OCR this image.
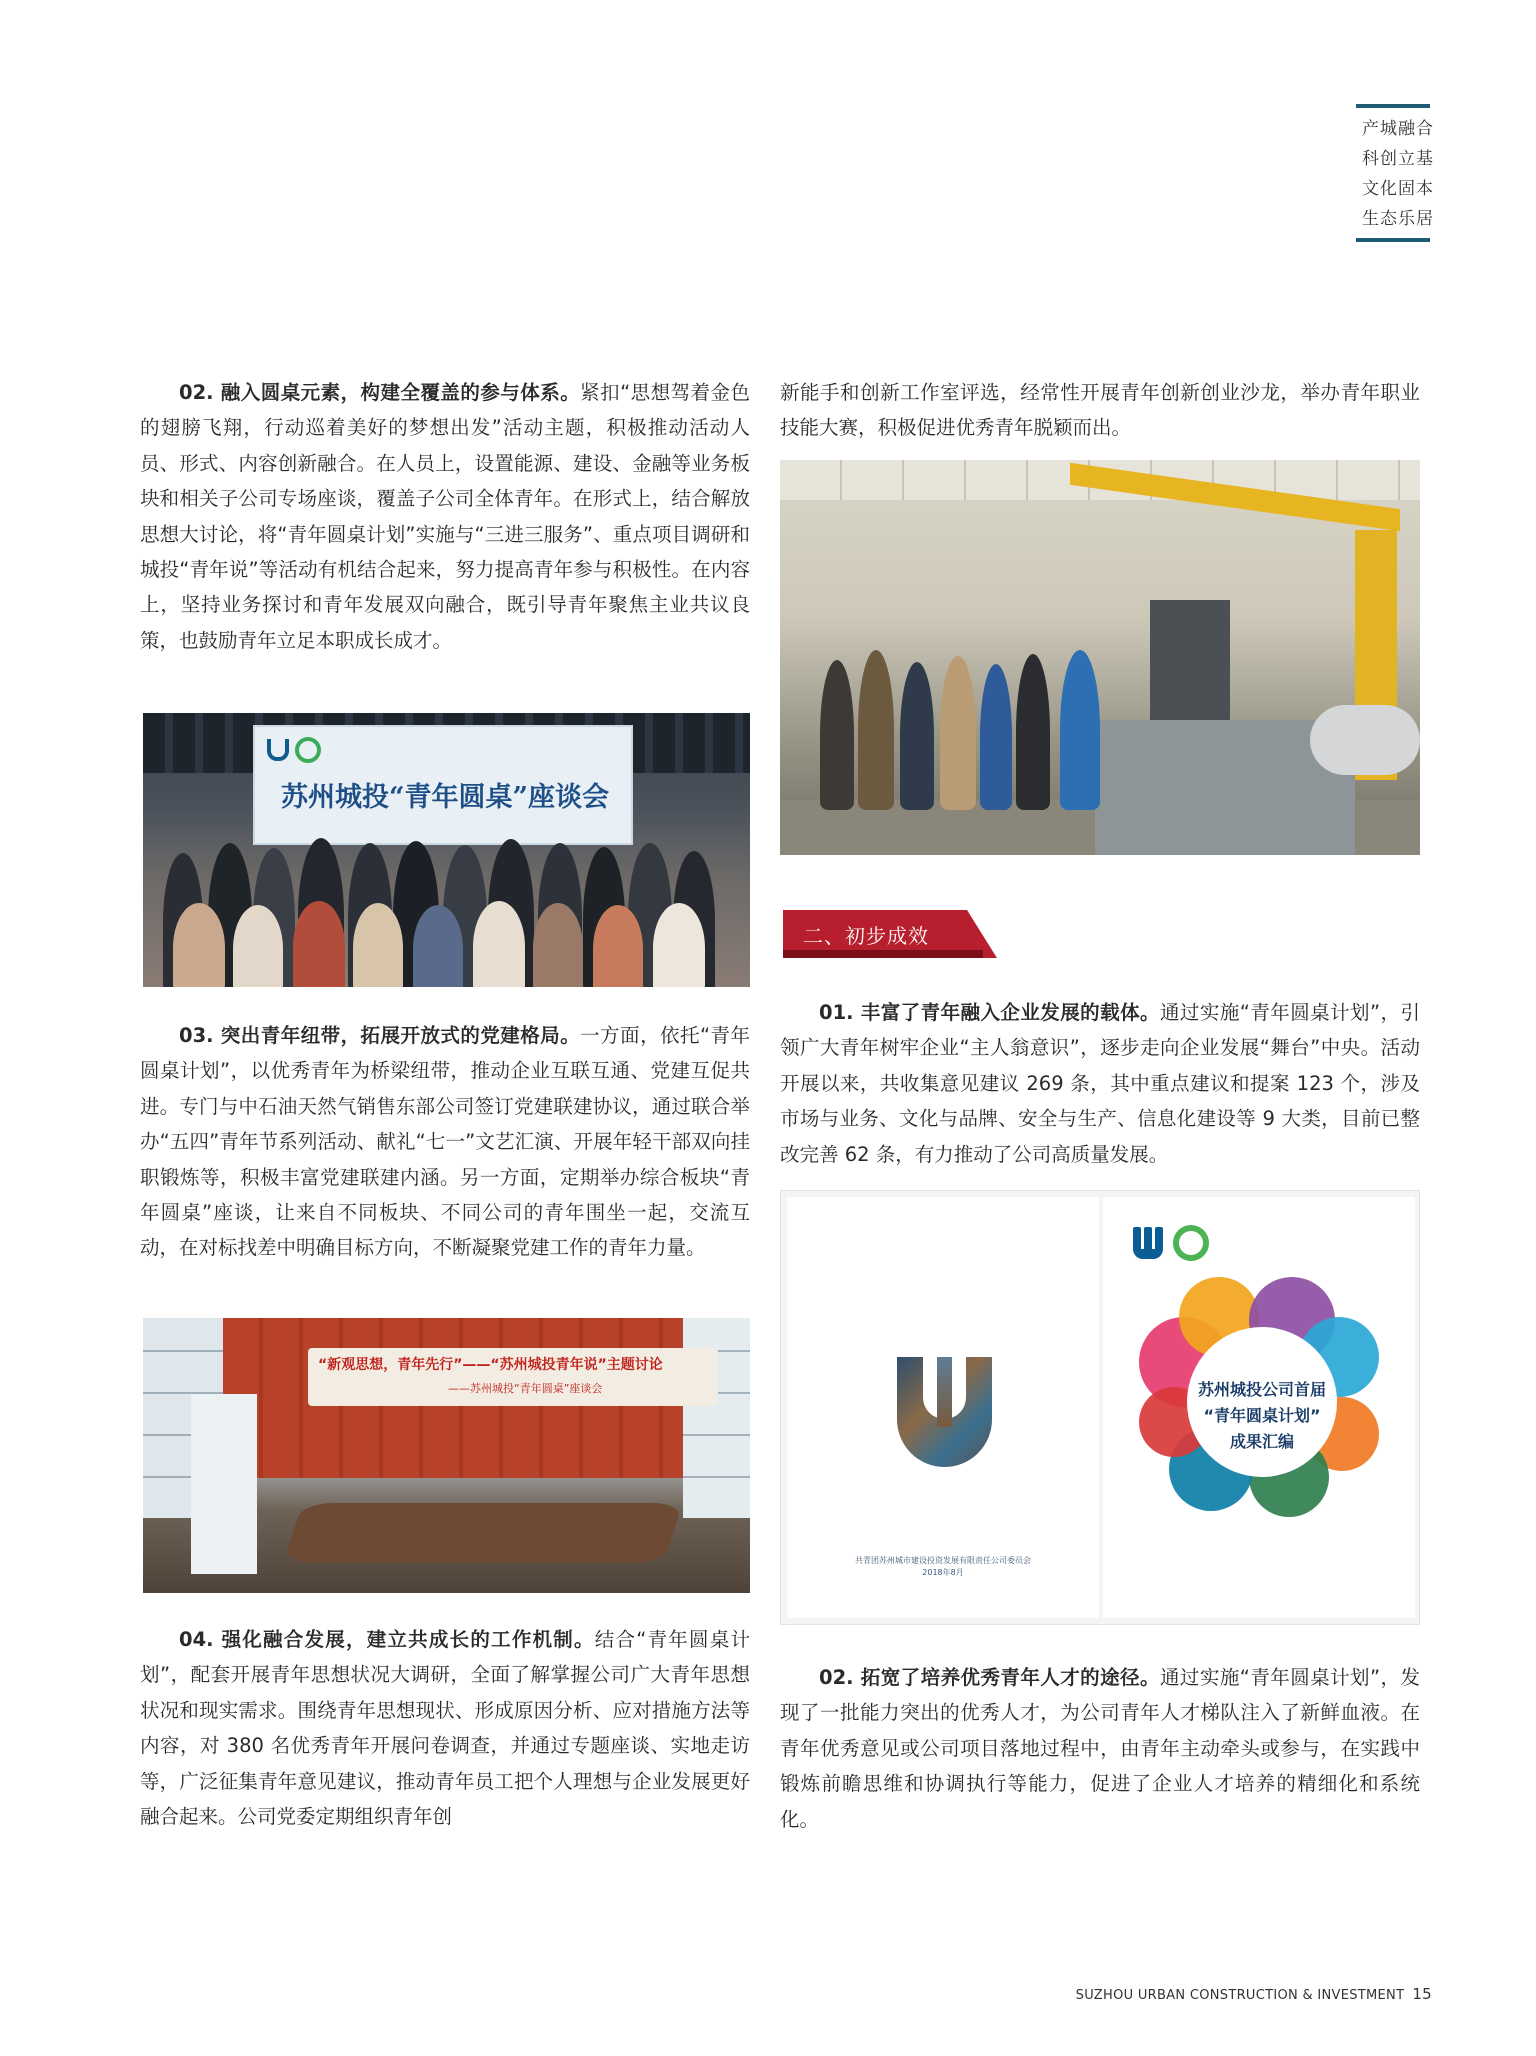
产城融合
科创立基
文化固本
生态乐居

02. 融入圆桌元素，构建全覆盖的参与体系。紧扣“思想驾着金色的翅膀飞翔，行动巡着美好的梦想出发”活动主题，积极推动活动人员、形式、内容创新融合。在人员上，设置能源、建设、金融等业务板块和相关子公司专场座谈，覆盖子公司全体青年。在形式上，结合解放思想大讨论，将“青年圆桌计划”实施与“三进三服务”、重点项目调研和城投“青年说”等活动有机结合起来，努力提高青年参与积极性。在内容上，坚持业务探讨和青年发展双向融合，既引导青年聚焦主业共议良策，也鼓励青年立足本职成长成才。

苏州城投“青年圆桌”座谈会

03. 突出青年纽带，拓展开放式的党建格局。一方面，依托“青年圆桌计划”，以优秀青年为桥梁纽带，推动企业互联互通、党建互促共进。专门与中石油天然气销售东部公司签订党建联建协议，通过联合举办“五四”青年节系列活动、献礼“七一”文艺汇演、开展年轻干部双向挂职锻炼等，积极丰富党建联建内涵。另一方面，定期举办综合板块“青年圆桌”座谈，让来自不同板块、不同公司的青年围坐一起，交流互动，在对标找差中明确目标方向，不断凝聚党建工作的青年力量。

“新观思想，青年先行”——“苏州城投青年说”主题讨论
——苏州城投“青年圆桌”座谈会

04. 强化融合发展，建立共成长的工作机制。结合“青年圆桌计划”，配套开展青年思想状况大调研，全面了解掌握公司广大青年思想状况和现实需求。围绕青年思想现状、形成原因分析、应对措施方法等内容，对 380 名优秀青年开展问卷调查，并通过专题座谈、实地走访等，广泛征集青年意见建议，推动青年员工把个人理想与企业发展更好融合起来。公司党委定期组织青年创

新能手和创新工作室评选，经常性开展青年创新创业沙龙，举办青年职业技能大赛，积极促进优秀青年脱颖而出。

二、初步成效

01. 丰富了青年融入企业发展的载体。通过实施“青年圆桌计划”，引领广大青年树牢企业“主人翁意识”，逐步走向企业发展“舞台”中央。活动开展以来，共收集意见建议 269 条，其中重点建议和提案 123 个，涉及市场与业务、文化与品牌、安全与生产、信息化建设等 9 大类，目前已整改完善 62 条，有力推动了公司高质量发展。

共青团苏州城市建设投资发展有限责任公司委员会
2018年8月
苏州城投公司首届
“青年圆桌计划”
成果汇编

02. 拓宽了培养优秀青年人才的途径。通过实施“青年圆桌计划”，发现了一批能力突出的优秀人才，为公司青年人才梯队注入了新鲜血液。在青年优秀意见或公司项目落地过程中，由青年主动牵头或参与，在实践中锻炼前瞻思维和协调执行等能力，促进了企业人才培养的精细化和系统化。

SUZHOU URBAN CONSTRUCTION & INVESTMENT 15
